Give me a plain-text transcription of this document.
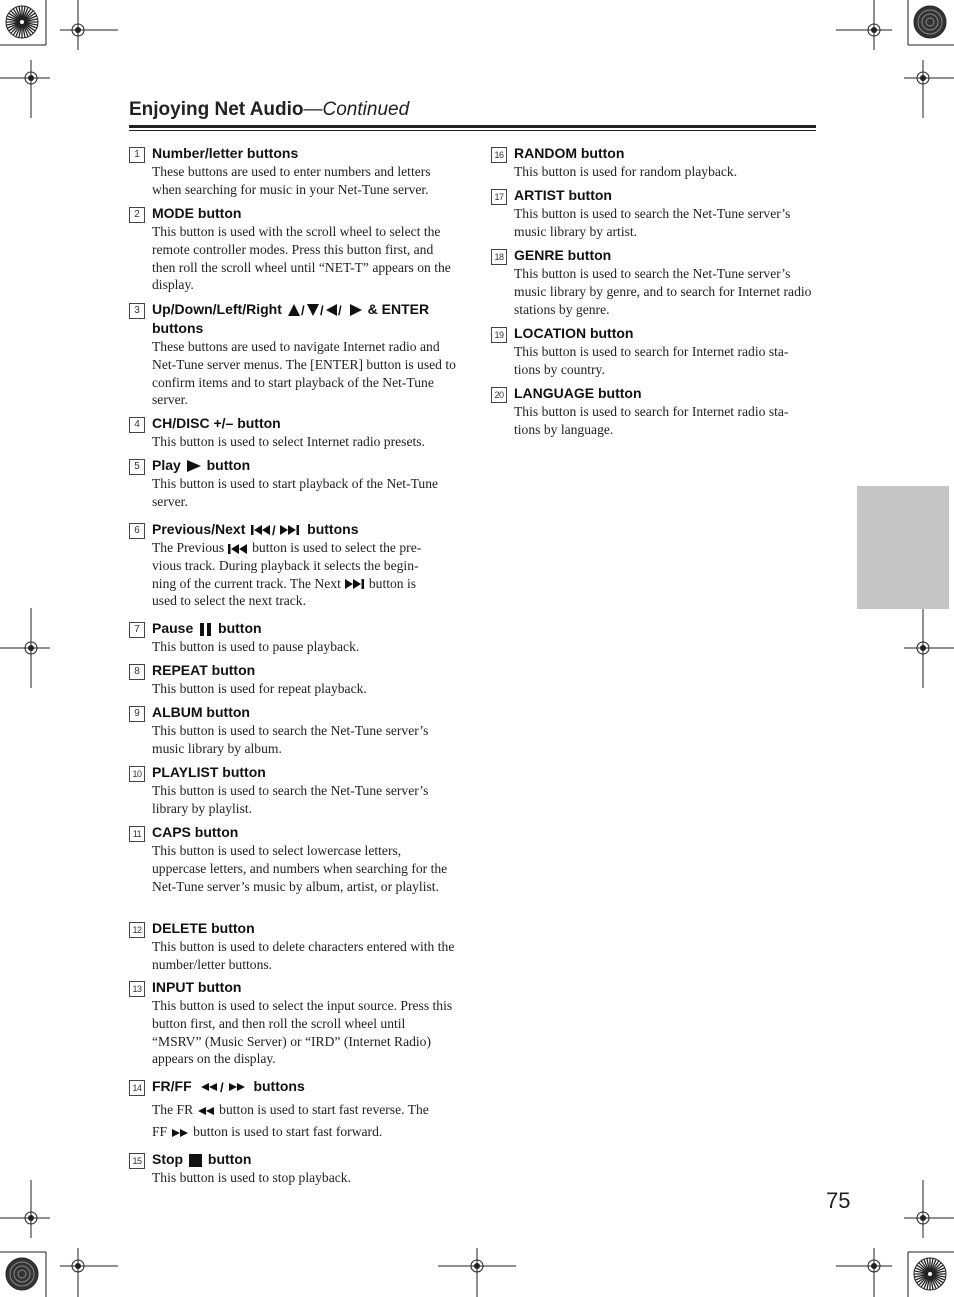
Enjoying Net Audio—Continued
1 Number/letter buttons
These buttons are used to enter numbers and letters when searching for music in your Net-Tune server.
2 MODE button
This button is used with the scroll wheel to select the remote controller modes. Press this button first, and then roll the scroll wheel until “NET-T” appears on the display.
3 Up/Down/Left/Right / / / & ENTER
buttons
These buttons are used to navigate Internet radio and Net-Tune server menus. The [ENTER] button is used to confirm items and to start playback of the Net-Tune server.
4 CH/DISC +/– button
This button is used to select Internet radio presets.
5 Play button
This button is used to start playback of the Net-Tune server.
6 Previous/Next / buttons
The Previous button is used to select the pre-
vious track. During playback it selects the begin-
ning of the current track. The Next button is
used to select the next track.
7 Pause button
This button is used to pause playback.
8 REPEAT button
This button is used for repeat playback.
9 ALBUM button
This button is used to search the Net-Tune server’s music library by album.
10 PLAYLIST button
This button is used to search the Net-Tune server’s library by playlist.
11 CAPS button
This button is used to select lowercase letters, uppercase letters, and numbers when searching for the Net-Tune server’s music by album, artist, or playlist.
12 DELETE button
This button is used to delete characters entered with the number/letter buttons.
13 INPUT button
This button is used to select the input source. Press this button first, and then roll the scroll wheel until “MSRV” (Music Server) or “IRD” (Internet Radio) appears on the display.
14 FR/FF / buttons
The FR button is used to start fast reverse. The
FF button is used to start fast forward.
15 Stop button
This button is used to stop playback.
16 RANDOM button
This button is used for random playback.
17 ARTIST button
This button is used to search the Net-Tune server’s music library by artist.
18 GENRE button
This button is used to search the Net-Tune server’s music library by genre, and to search for Internet radio stations by genre.
19 LOCATION button
This button is used to search for Internet radio sta-tions by country.
20 LANGUAGE button
This button is used to search for Internet radio sta-tions by language.
75
